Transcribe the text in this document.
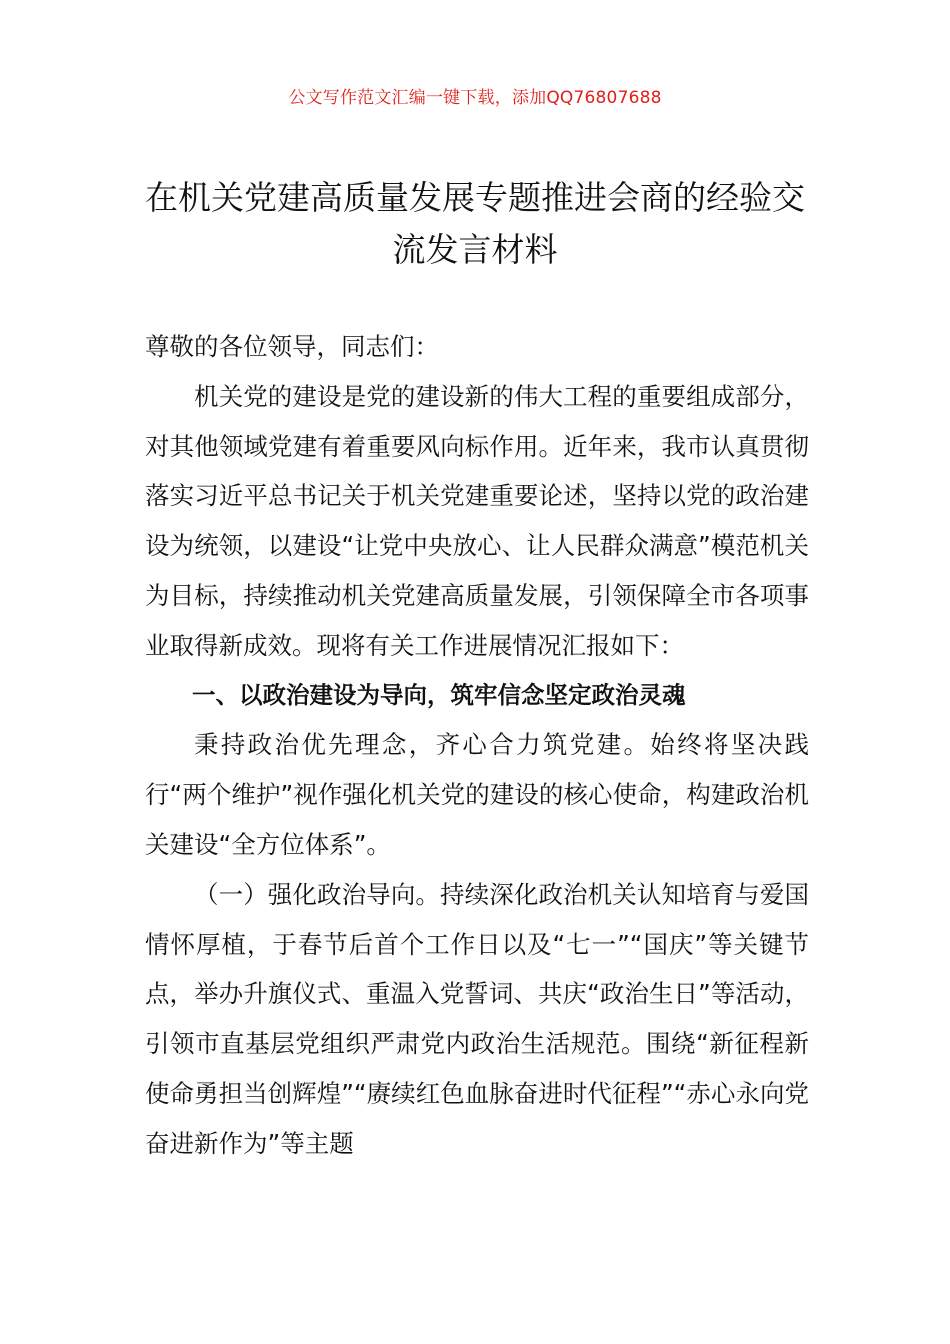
公文写作范文汇编一键下载，添加QQ76807688
在机关党建高质量发展专题推进会商的经验交流发言材料

尊敬的各位领导，同志们：

机关党的建设是党的建设新的伟大工程的重要组成部分，对其他领域党建有着重要风向标作用。近年来，我市认真贯彻落实习近平总书记关于机关党建重要论述，坚持以党的政治建设为统领，以建设“让党中央放心、让人民群众满意”模范机关为目标，持续推动机关党建高质量发展，引领保障全市各项事业取得新成效。现将有关工作进展情况汇报如下：

一、以政治建设为导向，筑牢信念坚定政治灵魂

秉持政治优先理念，齐心合力筑党建。始终将坚决践行“两个维护”视作强化机关党的建设的核心使命，构建政治机关建设“全方位体系”。

（一）强化政治导向。持续深化政治机关认知培育与爱国情怀厚植，于春节后首个工作日以及“七一”“国庆”等关键节点，举办升旗仪式、重温入党誓词、共庆“政治生日”等活动，引领市直基层党组织严肃党内政治生活规范。围绕“新征程新使命勇担当创辉煌”“赓续红色血脉奋进时代征程”“赤心永向党奋进新作为”等主题
